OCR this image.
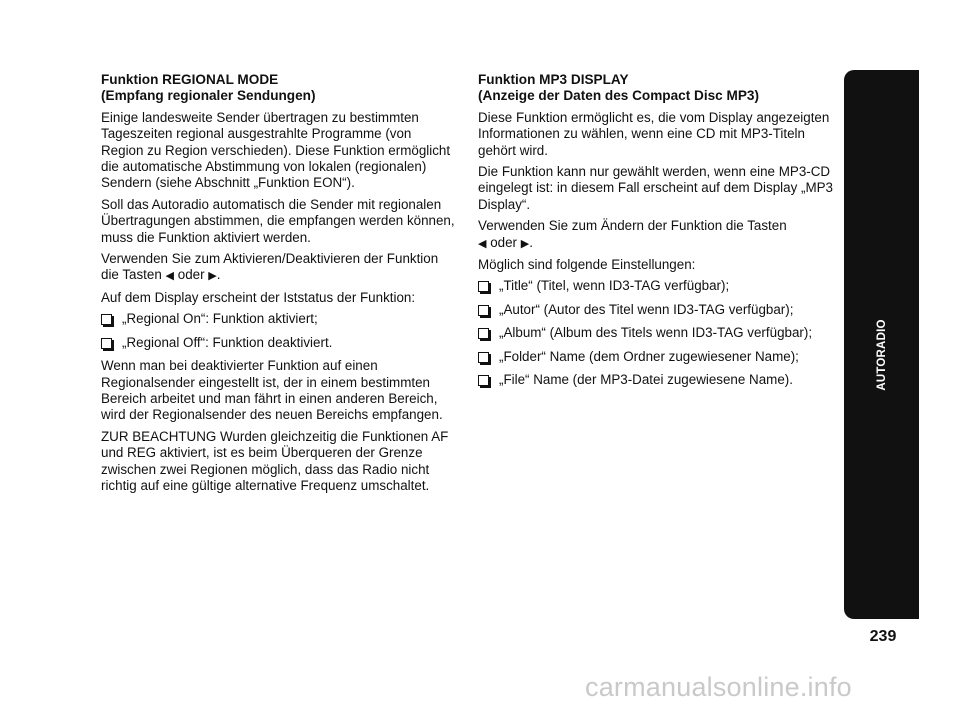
Funktion REGIONAL MODE
(Empfang regionaler Sendungen)

Einige landesweite Sender übertragen zu bestimmten Tageszeiten regional ausgestrahlte Programme (von Region zu Region verschieden). Diese Funktion ermöglicht die automatische Abstimmung von lokalen (regionalen) Sendern (siehe Abschnitt „Funktion EON“).

Soll das Autoradio automatisch die Sender mit regionalen Übertragungen abstimmen, die empfangen werden können, muss die Funktion aktiviert werden.

Verwenden Sie zum Aktivieren/Deaktivieren der Funktion die Tasten ◀ oder ▶.

Auf dem Display erscheint der Iststatus der Funktion:

„Regional On“: Funktion aktiviert;
„Regional Off“: Funktion deaktiviert.

Wenn man bei deaktivierter Funktion auf einen Regionalsender eingestellt ist, der in einem bestimmten Bereich arbeitet und man fährt in einen anderen Bereich, wird der Regionalsender des neuen Bereichs empfangen.

ZUR BEACHTUNG Wurden gleichzeitig die Funktionen AF und REG aktiviert, ist es beim Überqueren der Grenze zwischen zwei Regionen möglich, dass das Radio nicht richtig auf eine gültige alternative Frequenz umschaltet.

Funktion MP3 DISPLAY
(Anzeige der Daten des Compact Disc MP3)

Diese Funktion ermöglicht es, die vom Display angezeigten Informationen zu wählen, wenn eine CD mit MP3-Titeln gehört wird.

Die Funktion kann nur gewählt werden, wenn eine MP3-CD eingelegt ist: in diesem Fall erscheint auf dem Display „MP3 Display“.

Verwenden Sie zum Ändern der Funktion die Tasten
◀ oder ▶.

Möglich sind folgende Einstellungen:

„Title“ (Titel, wenn ID3-TAG verfügbar);
„Autor“ (Autor des Titel wenn ID3-TAG verfügbar);
„Album“ (Album des Titels wenn ID3-TAG verfügbar);
„Folder“ Name (dem Ordner zugewiesener Name);
„File“ Name (der MP3-Datei zugewiesene Name).	AUTORADIO
239
carmanualsonline.info
